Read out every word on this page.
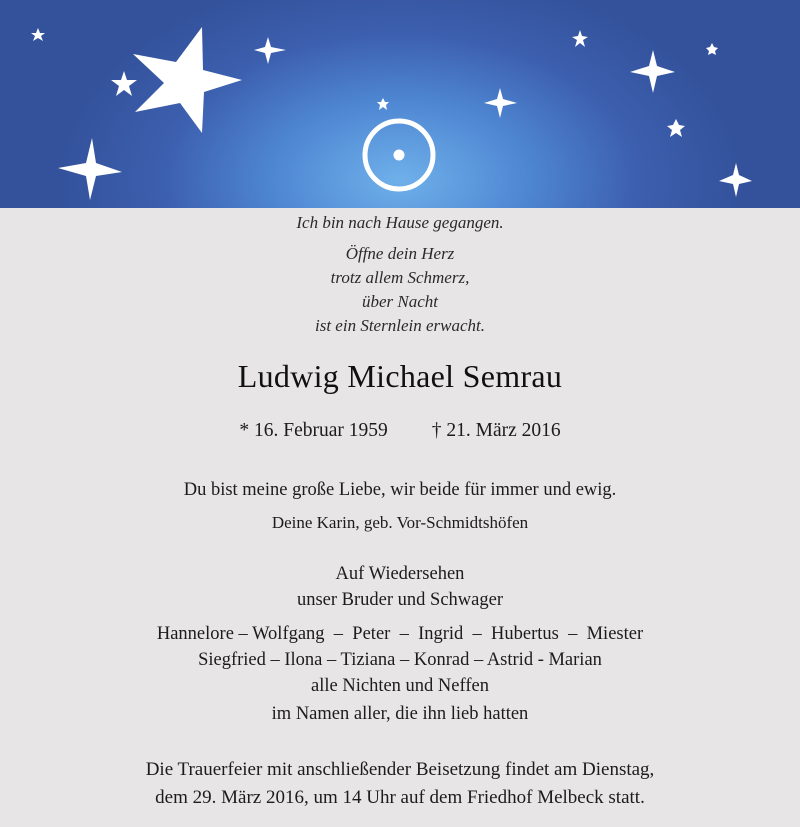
Ich bin nach Hause gegangen.
Öffne dein Herz
trotz allem Schmerz,
über Nacht
ist ein Sternlein erwacht.
Ludwig Michael Semrau
* 16. Februar 1959 † 21. März 2016
Du bist meine große Liebe, wir beide für immer und ewig.
Deine Karin, geb. Vor-Schmidtshöfen
Auf Wiedersehen
unser Bruder und Schwager
Hannelore – Wolfgang  –  Peter  –  Ingrid  –  Hubertus  –  Miester
Siegfried – Ilona – Tiziana – Konrad – Astrid - Marian
alle Nichten und Neffen
im Namen aller, die ihn lieb hatten
Die Trauerfeier mit anschließender Beisetzung findet am Dienstag,
dem 29. März 2016, um 14 Uhr auf dem Friedhof Melbeck statt.
